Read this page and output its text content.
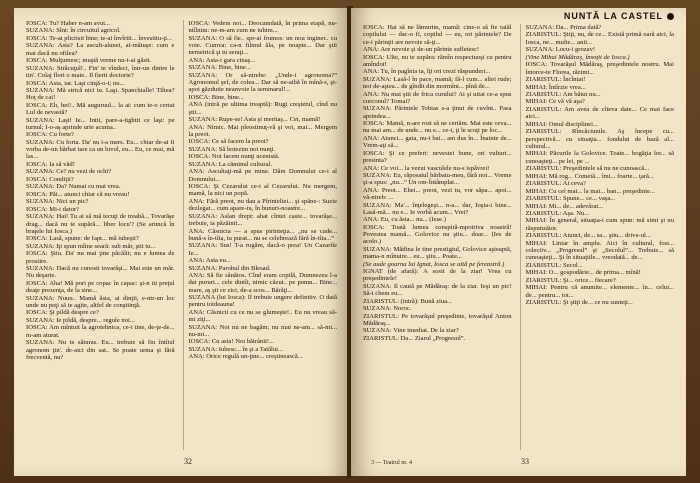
IOSCA: Tu? Haber n-am avut...

SUZANA: Sînt: în circuitul agricol.

IOSCA: Te-ai plictisit bine; te-ai învîrtit... învestitu-ţi...

SUZANA: Asta? La ascult-alunei, ai-mătuşe: cum e mai dacă nu ofilea?

IOSCA: Mulţumesc; muştă vreme nu-i-ai găsit.

SUZANA: Străcuţul!.. Fin' te vîndeci, într-un dintre le tin'. Colaj flori o maie.. Il fierti doctorie?

IOSCA: Asta, iar. Laşi cinţă-o-i; nu...

SUZANA: Mă strică nici tu. Laşi. Spanchialle! Tiltea? Hoţ de cai!

IOSCA: Eh, hei!.. Mă auguruul... la ai: cum te-o certat Lul de nevastă?

SUZANA: Laşi! Ie... Intii, pare-a-tightit ce laşi: pe turnul; I-o-aş aprinde urie acuma..

IOSCA: Cu forte?

SUZANA: Cu forta. Da' nu i-a mers. Eu... chiar de-ai fi vorba de-un bărbat tare ca un bivol, eu... Eu, ce mai, mă las...

IOSCA: Ia să văd!

SUZANA: Ce? nu vezi de ochi?

IOSCA: Condiţii?

SUZANA: Da? Numai cu mai vrea.

IOSCA: Păi... atunci chiar că nu vreau!

SUZANA: Nici un pic?

IOSCA: Mi-i dator?

SUZANA: Hai! Tu ai să mă tecuţi de treabă... Tovarăşe drag... dacă nu te supără... liber locu'? (Se aruncă în braţele lui Iosca.)

IOSCA: Lasă, spune: de fapt... mă iubeşti?

SUZANA: Iţi spun mîine seară: sub măr, ştii tu...

IOSCA: Ştiu. Da' nu mai ţine păcălit; nu e lumea de prostire.

SUZANA: Dacă nu cunosti tovarăşi... Mai este un măr. Nu deşarte.

IOSCA: Aha! Mă pori pe copac în capac: şi-n tii preţul deaţe prezenţa, de la sine...

SUZANA: Nuuu.. Mamă ăsta, ai dinţii, e-ntr-un loc unde nu poţi să te agite, altfel de conştiinţă.

IOSCA: Şi pildă despre ce?

SUZANA: Ie pildă, despre... regule noi...

IOSCA: Am mîntuit la agrotehnica, ce-i tine, de-ţe-de... m-am aturat.

SUZANA: Nu te săturas. Eu... trebuie să fiu întîiul agronom ţin'. de-aici din sat.. Se poate urma şi fără frecventă, nu?

IOSCA: Vedem noi... Deocamdată, în prima etapă, nu-ntîlnim: ne-m-am cum ne iubim...

SUZANA: O să fie.. spr-ai frumos: un nou inginer.. cu voie. Cumva: ca-n filmul ăla, pe noapte... Dar ştii nemetrică şi tu seraţi...

ANA: Asta-i gara cinaş...

SUZANA: Bine, bine...

SUZANA: Or să-ntrebe: „Unde-i agronoma?” Agronomul şef, de colea... Dar să ne-aibă în mînă-s, şi-apoi găzduite neanvoie la seminarul!...

IOSCA: Bine, bine...

ANA (intră pe ultima treaptă): Rugi creştetul, cînd nu ştii...

SUZANA: Rupe-se! Asta şi meritaş... Cei, mamă!

ANA: Nimic. Mai pleostinuţ-vă şi voi, mai... Mergem la preot.

IOSCA: Ce să facem la preot?

SUZANA: Să botezim noi nunţi.

IOSCA: Noi facem nunţi ucenistă.

SUZANA: La căminul cultural.

ANA: Ascultaţi-mă pe mine. Dăm Domnului ce-i al Domnului...

IOSCA: Şi Cezarului ce-i al Cezarului. Nu mergem, mamă, la nici un popă.

ANA: Fără preot, nu dau a Pîrinteliei... şi spăne-: Suzie dezlegat... cum apare-ra, în bunuri-noastre...

SUZANA: Aslan drept: ahat cîntei caste... tovarăşe... trebuie, ia păzăinit...

ANA: Căsnicia — a spus pirinteţia... „nu se cade... bună-s în-tîia, tu purat... nu se celebrează fără în-tîia...”

SUZANA: Sus! T-a rugăm, dacă-o prea! Un Cazarile Ie...

ANA: Asta eu...

SUZANA: Parohul din Blesad.

ANA: Să fie sănătos. Cînd eram copilă, Dumnezeu l-a dat pururi... cele dintîi, nimic căzut.. pe pomn... Bine... mare, aş şti ce zici, de-a scos... Bărăţi...

SUZANA (lui Iosca): Il trebuie ungere definitiv. O dată pentru totdeauna!

ANA: Căsnicii cu ce nu se glumeşte!.. Eu nu vreau să-mi ziţi...

SUZANA: Noi nu ne bagăm; nu mai ne-am... să-mi... nu-mi...

IOSCA: Cu asta! Noi bătrânii!...

SUZANA: Iubesc... în şi a Tatălui...

ANA: Orice regulă un-ţine... creştinească...

32
NUNTĂ LA CASTEL

IOSCA: Hai să ne lămurim, mamă: cine-o să fie tatăl copilului — dac-o fi, copilul — eu, ori părintele? De ce-i părinţii are nevoie să-ţi...

ANA: Are nevoie şi de-un părinte sufletesc!

IOSCA: Ulte, nu te supăra: rămîn respectuoşi cu pentru amîndoi!

ANA: Tu, în pagînia ta, îţi ori crezi răspunderi...

SUZANA: Lasă-l în pace, mamă; fă-l cum... altei rude; noi de-aştea... de gîndit din mormînt... pînă de...

ANA: Nu mai ştii de frica curului? Ai şi uitat ce-a spus curconul? Tomai?

SUZANA: Părintele Tobias s-a ţinut de cuvînt.. Pasa aprindea...

IOSCA: Mamă, n-are rost să ne certăm. Mai este ceva... nu mai am... de unde... nu e... ce-i, ţi le scoţi pe loc...

ANA: Atunci... gata, nu-i bai... am dus în... Înainte de... Vrem-aţi să...

IOSCA: Şi ce preferi: nevestei bune, ori vulturi... presinta?

ANA: Ce voi... la vezui vasculele nu-s ispăvrei!

SUZANA: Eu, răposatul bărbatu-meu, fără noi... Vreme şi-a spus: „nu...” Un om-Întâmplat...

ANA: Preot... Ehei... preot, vezi tu, vor săpa... apoi... vă-ntreb: ...

SUZANA: Ma'... înţelegeşi... n-a... dar, Ioşia-i bine... Lasă-mă... nu e... Ie vorbă acum... Vrei?

ANA: Eu, cu ăsta... nu... (Iese.)

IOSCA: Toată lumea conspiră-mpotriva noastră! Povestea mamă... Golovice nu ştiu... doar... (Ies de acolo.)

SUZANA: Mădina le tine prestigiul, Golovice aşteaptă, mama-n mînuire... eu... ştiu... Poate...

(Se aude goarna lui Ignat, Iosca se uită pe fereastră.)

IGNAT (de afară): A sosit de la ziar! Vrea cu preşedintele!

SUZANA: Il caută pe Mădăraş: de la ziar. Ieşi un pic! Să-i chem eu...

ZIARISTUL: (intră): Bună ziua...

SUZANA: Noroc.

ZIARISTUL: Pe tovarăşul preşedinte, tovarăşul Anton Mădăraş...

SUZANA: Vine imediat. De la ziar?

ZIARISTUL: Da... Ziarul „Progresul”.

SUZANA: Da... Prima dată?

ZIARISTUL: Ştiţi, nu, de ce... Există primă oară aici, la Iosca, ne... multe... anii...

SUZANA: Locu-i grozav!

(Vine Mihai Mădăraş, însoţit de Iosca.)

IOSCA: Tovarăşul Mădăraş, preşedintele nostru. Mai întorce-te Florea, răzimi...

ZIARISTUL: Încîntat!

MIHAI: Întîrzie vrea...

ZIARISTUL: Am bătut nu...

MIHAI: Ce vă vă aşa?

ZIARISTUL: Am avea de cîteva date... Ce mai face aici...

MIHAI: Omul disciplinei...

ZIARISTUL: Rîncăciunile. Aş începe cu... perspectivă... cu situaţia... fondului de bază al... cultural...

MIHAI: Păcurile la Golovice. Toate... bogăţia lor... să cunoaşteţi... pe lei, pe ...

ZIARISTUL: Preşedintele să nu ne cunoască...

MIHAI: Mă rog... Cometă... îmi... foarte... ţară...

ZIARISTUL: Ai ceva?

MIHAI: Cu cel mai... la mai... ban... preşedinte...

ZIARISTUL: Spune... ce... vaşa...

MIHAI: Mi... de... adevărat...

ZIARISTUL: Aşa. Nu...

MIHAI: În general, situaţia-i cum spun: mă simt şi nu răspunzător.

ZIARISTUL: Atunci, de... sa... ştiu... drive-ul...

MIHAI: Liniar în amplu. Aici în cultural, fost... colectiv... „Progresul” şi „Secolul”... Trebuie... să cunoaşteţi... Şi în situaţiile... vreodată... de...

ZIARISTUL: Secol...

MIHAI: O... gospodărie... de prima... mînă!

ZIARISTUL: Şi... orice... fiecare?

MIHAI: Pentru că anumite... elemente... în... celui... de... pentru... tot...

ZIARISTUL: Şi ştiţi de... ce nu sunteţi...

3 — Teatrul nr. 4	33
